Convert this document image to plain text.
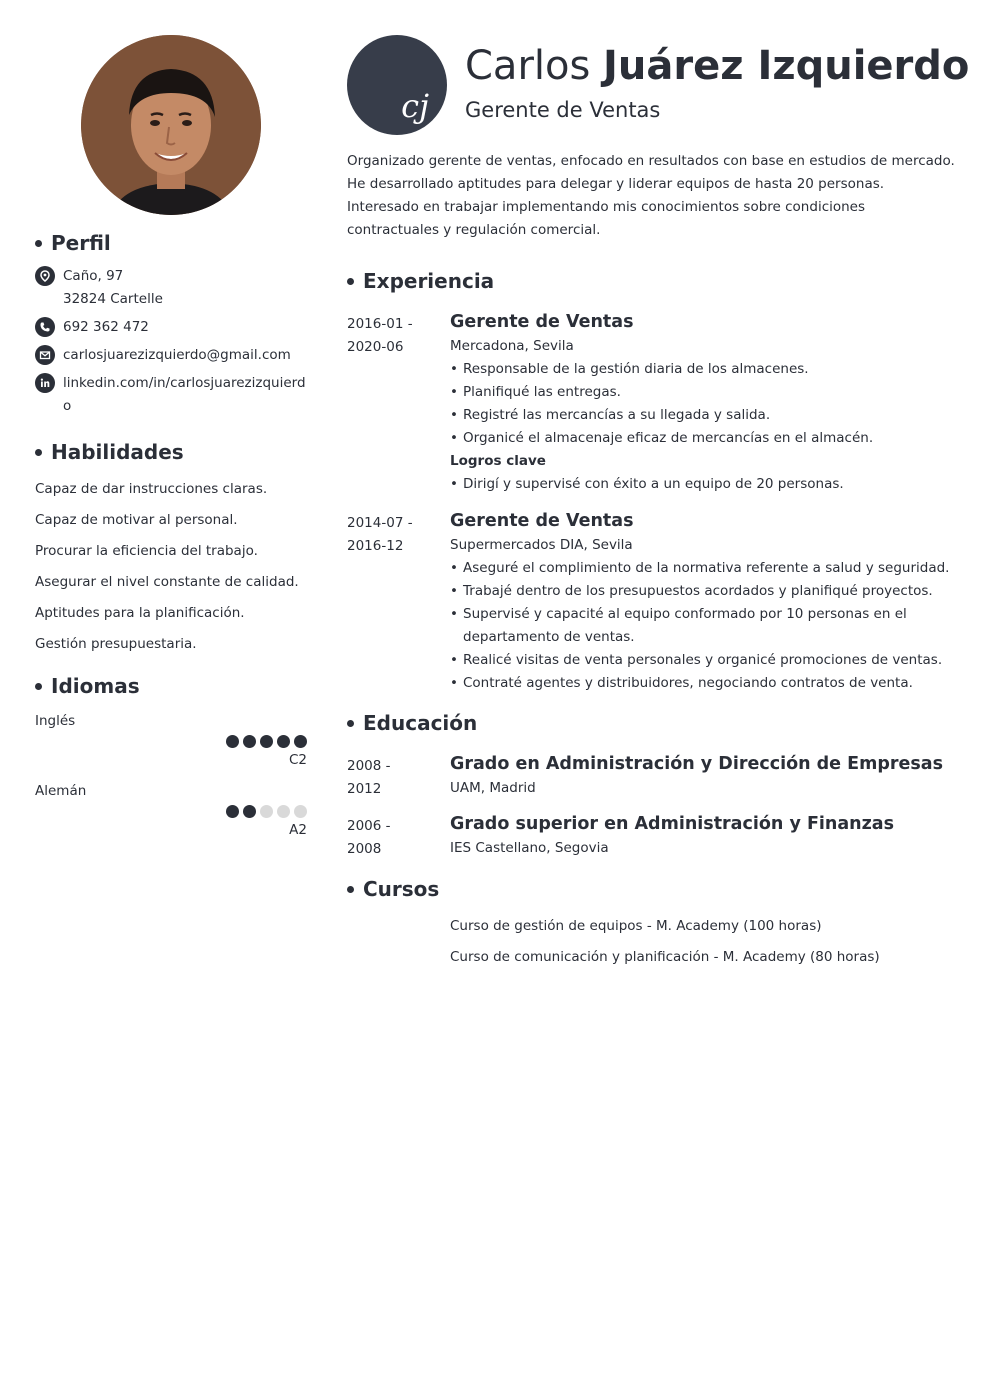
Perfil
Caño, 97
32824 Cartelle
692 362 472
carlosjuarezizquierdo@gmail.com
linkedin.com/in/carlosjuarezizquierdo
Habilidades
Capaz de dar instrucciones claras.
Capaz de motivar al personal.
Procurar la eficiencia del trabajo.
Asegurar el nivel constante de calidad.
Aptitudes para la planificación.
Gestión presupuestaria.
Idiomas
Inglés
C2
Alemán
A2
cj
Carlos Juárez Izquierdo
Gerente de Ventas

Organizado gerente de ventas, enfocado en resultados con base en estudios de mercado. He desarrollado aptitudes para delegar y liderar equipos de hasta 20 personas. Interesado en trabajar implementando mis conocimientos sobre condiciones contractuales y regulación comercial.

Experiencia
2016-01 -
2020-06
Gerente de Ventas
Mercadona, Sevila
• Responsable de la gestión diaria de los almacenes.
• Planifiqué las entregas.
• Registré las mercancías a su llegada y salida.
• Organicé el almacenaje eficaz de mercancías en el almacén.
Logros clave
• Dirigí y supervisé con éxito a un equipo de 20 personas.
2014-07 -
2016-12
Gerente de Ventas
Supermercados DIA, Sevila
• Aseguré el complimiento de la normativa referente a salud y seguridad.
• Trabajé dentro de los presupuestos acordados y planifiqué proyectos.
• Supervisé y capacité al equipo conformado por 10 personas en el departamento de ventas.
• Realicé visitas de venta personales y organicé promociones de ventas.
• Contraté agentes y distribuidores, negociando contratos de venta.
Educación
2008 -
2012
Grado en Administración y Dirección de Empresas
UAM, Madrid
2006 -
2008
Grado superior en Administración y Finanzas
IES Castellano, Segovia
Cursos
Curso de gestión de equipos - M. Academy (100 horas)
Curso de comunicación y planificación - M. Academy (80 horas)
